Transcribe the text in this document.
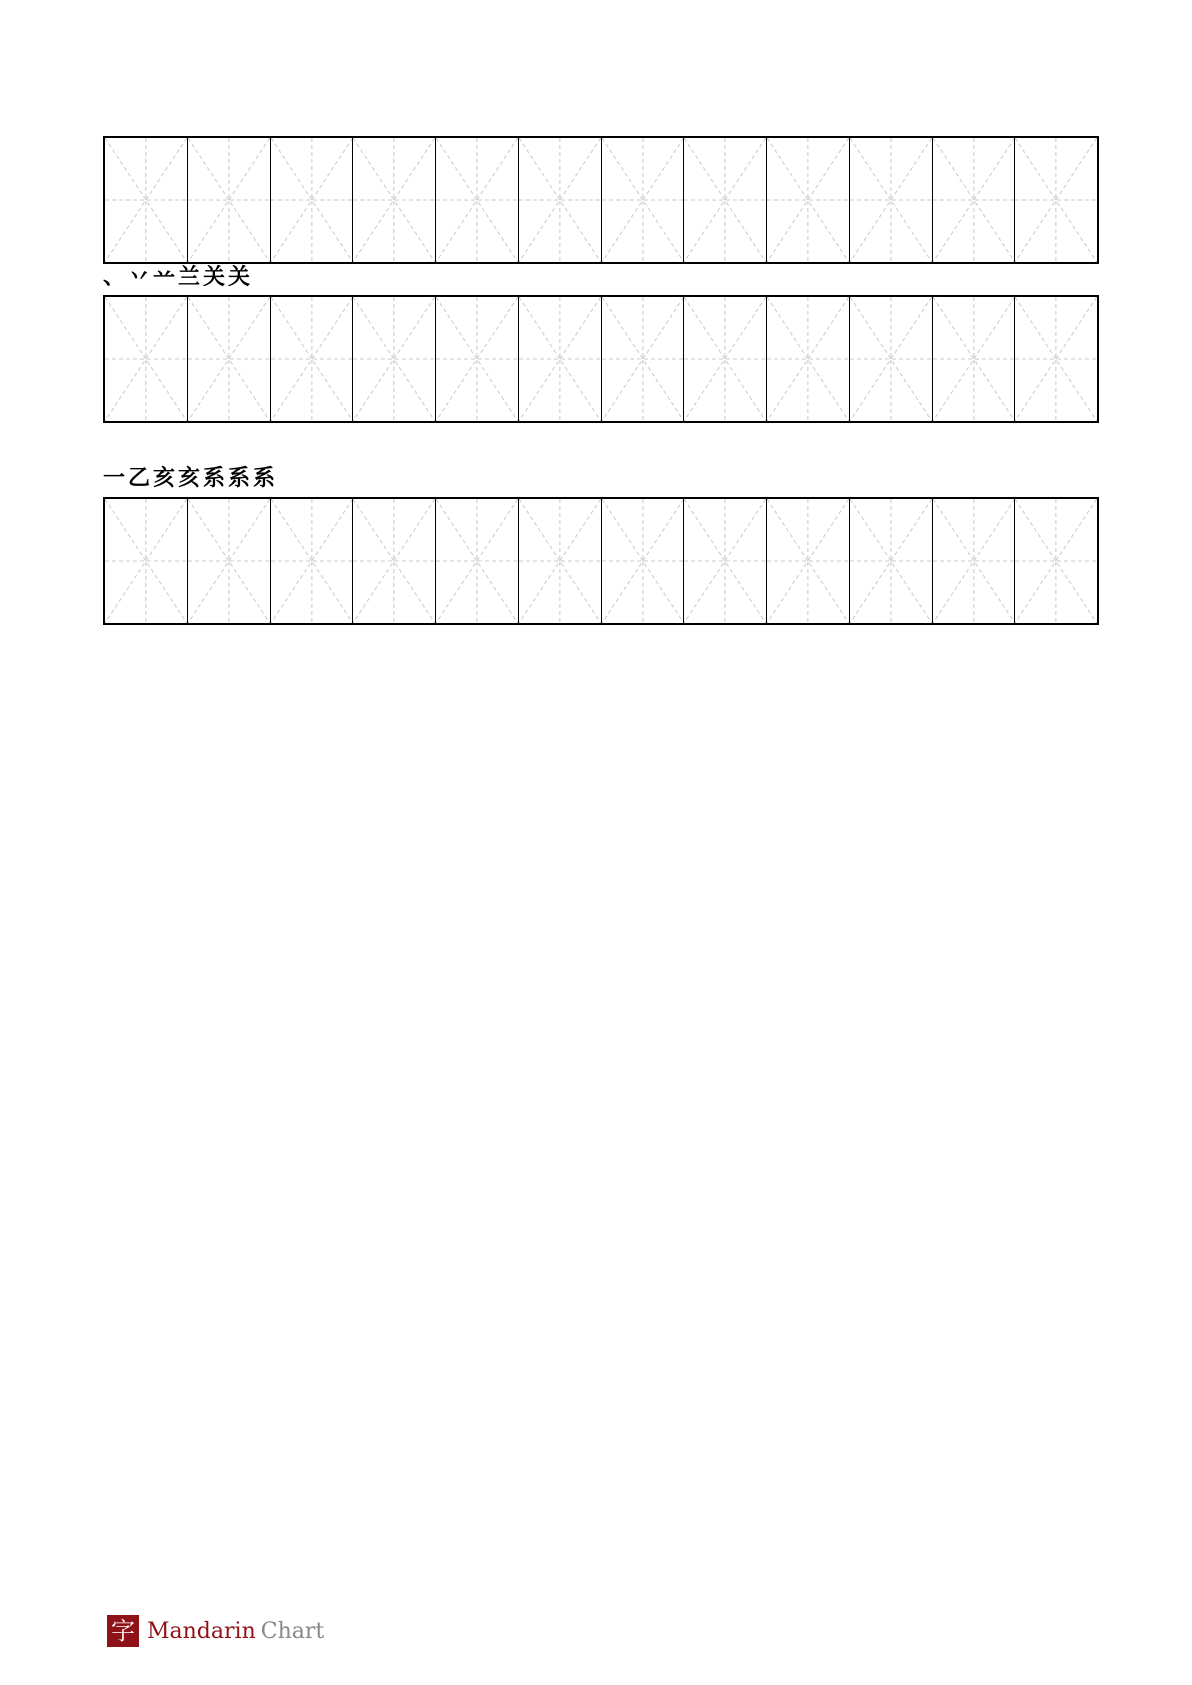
、 丷 䒑 兰 关 关
一 乙 亥 亥 系 系 系
字 Mandarin Chart
